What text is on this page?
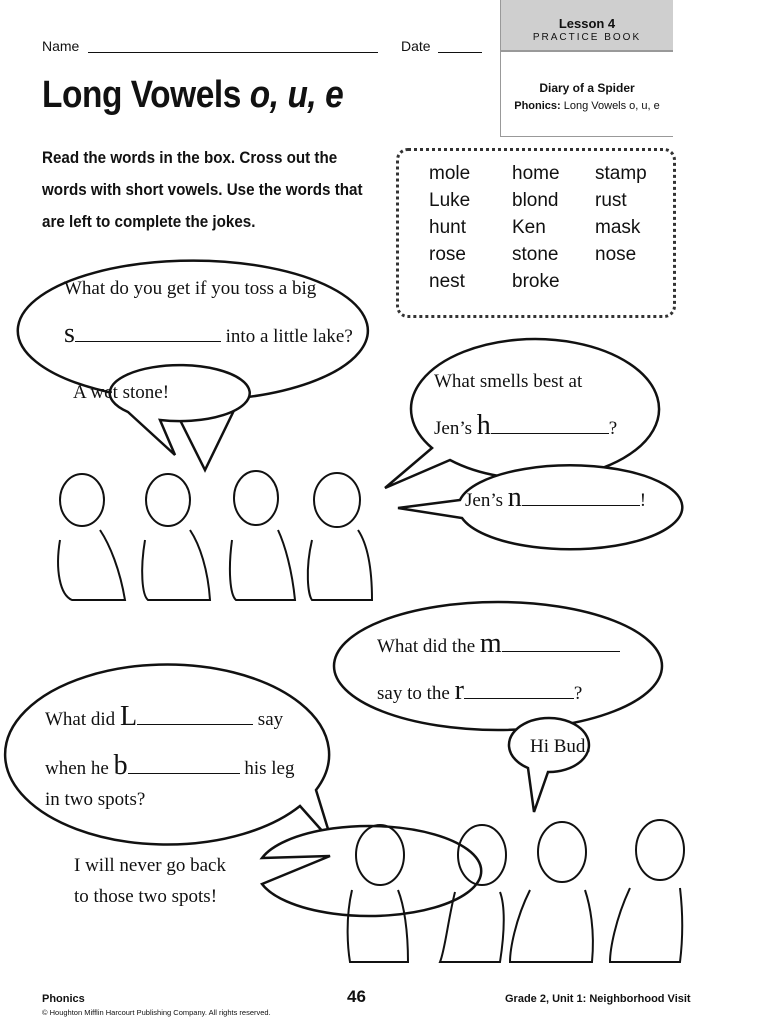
Name	Date
Lesson 4
PRACTICE BOOK
Diary of a Spider
Phonics: Long Vowels o, u, e
Long Vowels o, u, e
Read the words in the box. Cross out the words with short vowels. Use the words that are left to complete the jokes.
mole	home	stamp
Luke	blond	rust
hunt	Ken	mask
rose	stone	nose
nest	broke
What do you get if you toss a big
s	into a little lake?
A wet stone!
What smells best at
Jen’s h	?
Jen’s n	!
What did the m
say to the r	?
Hi Bud!
What did L	say
when he b	his leg
in two spots?
I will never go back
to those two spots!
Phonics
© Houghton Mifflin Harcourt Publishing Company. All rights reserved.
46	Grade 2, Unit 1: Neighborhood Visit
